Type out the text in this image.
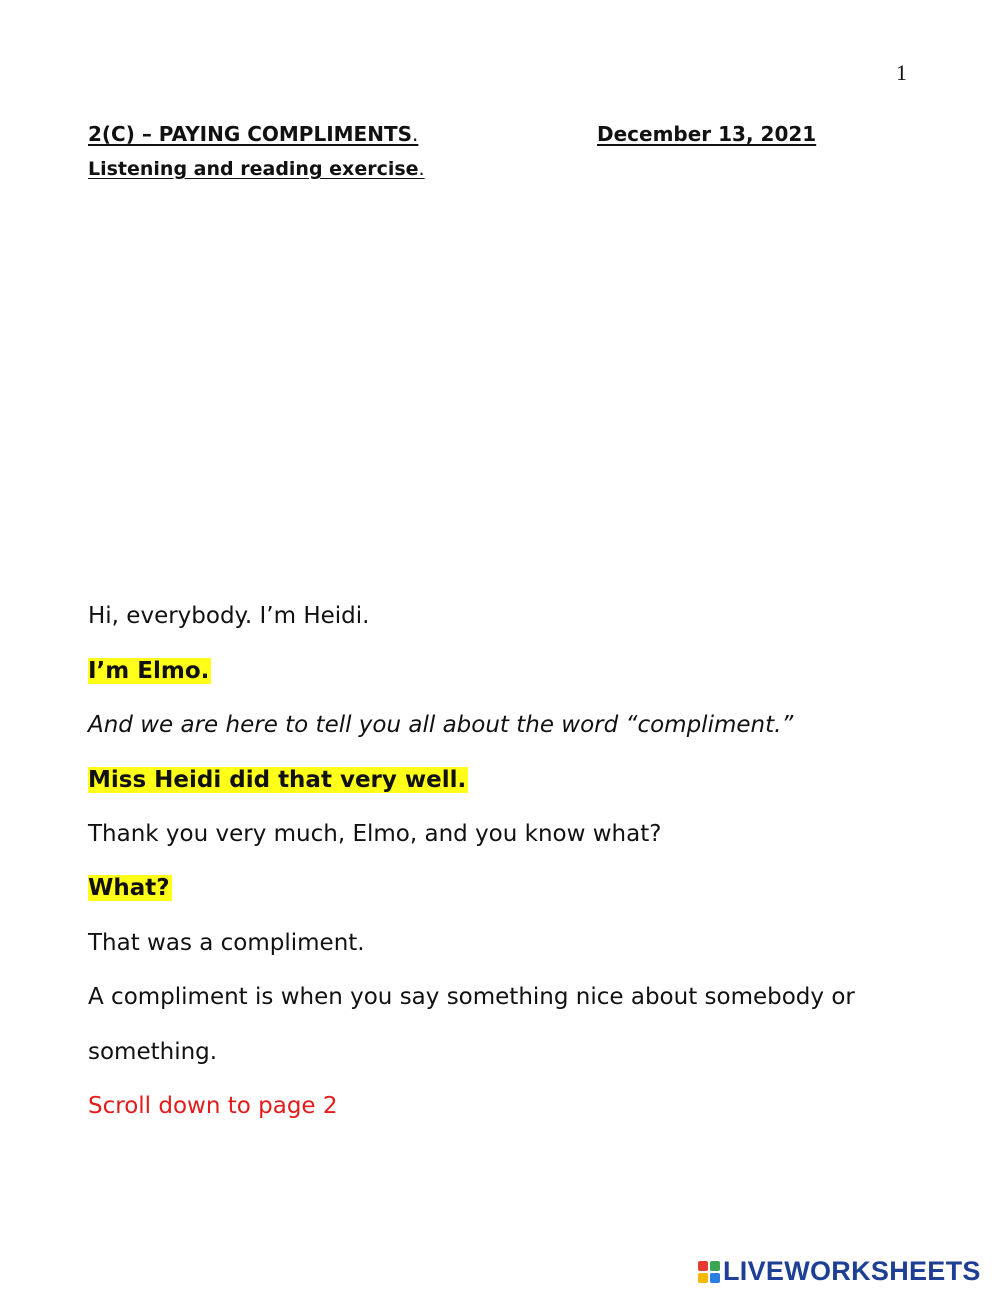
1
2(C) – PAYING COMPLIMENTS.	December 13, 2021
Listening and reading exercise.
Hi, everybody. I’m Heidi.
I’m Elmo.
And we are here to tell you all about the word “compliment.”
Miss Heidi did that very well.
Thank you very much, Elmo, and you know what?
What?
That was a compliment.
A compliment is when you say something nice about somebody or
something.
Scroll down to page 2
LIVEWORKSHEETS
